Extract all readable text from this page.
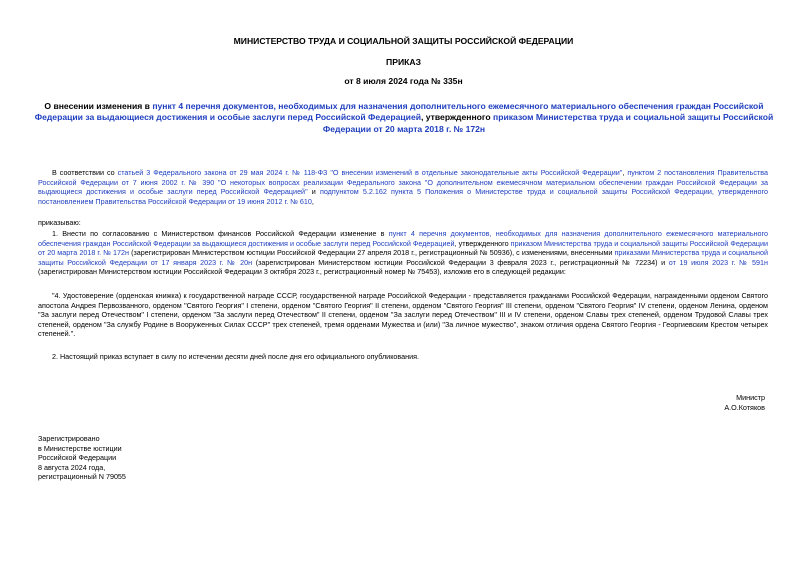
МИНИСТЕРСТВО ТРУДА И СОЦИАЛЬНОЙ ЗАЩИТЫ РОССИЙСКОЙ ФЕДЕРАЦИИ
ПРИКАЗ
от 8 июля 2024 года № 335н
О внесении изменения в пункт 4 перечня документов, необходимых для назначения дополнительного ежемесячного материального обеспечения граждан Российской Федерации за выдающиеся достижения и особые заслуги перед Российской Федерацией, утвержденного приказом Министерства труда и социальной защиты Российской Федерации от 20 марта 2018 г. № 172н
В соответствии со статьей 3 Федерального закона от 29 мая 2024 г. № 118-ФЗ "О внесении изменений в отдельные законодательные акты Российской Федерации", пунктом 2 постановления Правительства Российской Федерации от 7 июня 2002 г. № 390 "О некоторых вопросах реализации Федерального закона "О дополнительном ежемесячном материальном обеспечении граждан Российской Федерации за выдающиеся достижения и особые заслуги перед Российской Федерацией" и подпунктом 5.2.162 пункта 5 Положения о Министерстве труда и социальной защиты Российской Федерации, утвержденного постановлением Правительства Российской Федерации от 19 июня 2012 г. № 610,
приказываю:
1. Внести по согласованию с Министерством финансов Российской Федерации изменение в пункт 4 перечня документов, необходимых для назначения дополнительного ежемесячного материального обеспечения граждан Российской Федерации за выдающиеся достижения и особые заслуги перед Российской Федерацией, утвержденного приказом Министерства труда и социальной защиты Российской Федерации от 20 марта 2018 г. № 172н (зарегистрирован Министерством юстиции Российской Федерации 27 апреля 2018 г., регистрационный № 50936), с изменениями, внесенными приказами Министерства труда и социальной защиты Российской Федерации от 17 января 2023 г. № 20н (зарегистрирован Министерством юстиции Российской Федерации 3 февраля 2023 г., регистрационный № 72234) и от 19 июля 2023 г. № 591н (зарегистрирован Министерством юстиции Российской Федерации 3 октября 2023 г., регистрационный номер № 75453), изложив его в следующей редакции:
"4. Удостоверение (орденская книжка) к государственной награде СССР, государственной награде Российской Федерации - представляется гражданами Российской Федерации, награжденными орденом Святого апостола Андрея Первозванного, орденом "Святого Георгия" I степени, орденом "Святого Георгия" II степени, орденом "Святого Георгия" III степени, орденом "Святого Георгия" IV степени, орденом Ленина, орденом "За заслуги перед Отечеством" I степени, орденом "За заслуги перед Отечеством" II степени, орденом "За заслуги перед Отечеством" III и IV степени, орденом Славы трех степеней, орденом Трудовой Славы трех степеней, орденом "За службу Родине в Вооруженных Силах СССР" трех степеней, тремя орденами Мужества и (или) "За личное мужество", знаком отличия ордена Святого Георгия - Георгиевским Крестом четырех степеней.".
2. Настоящий приказ вступает в силу по истечении десяти дней после дня его официального опубликования.
Министр
А.О.Котяков
Зарегистрировано
в Министерстве юстиции
Российской Федерации
8 августа 2024 года,
регистрационный N 79055
